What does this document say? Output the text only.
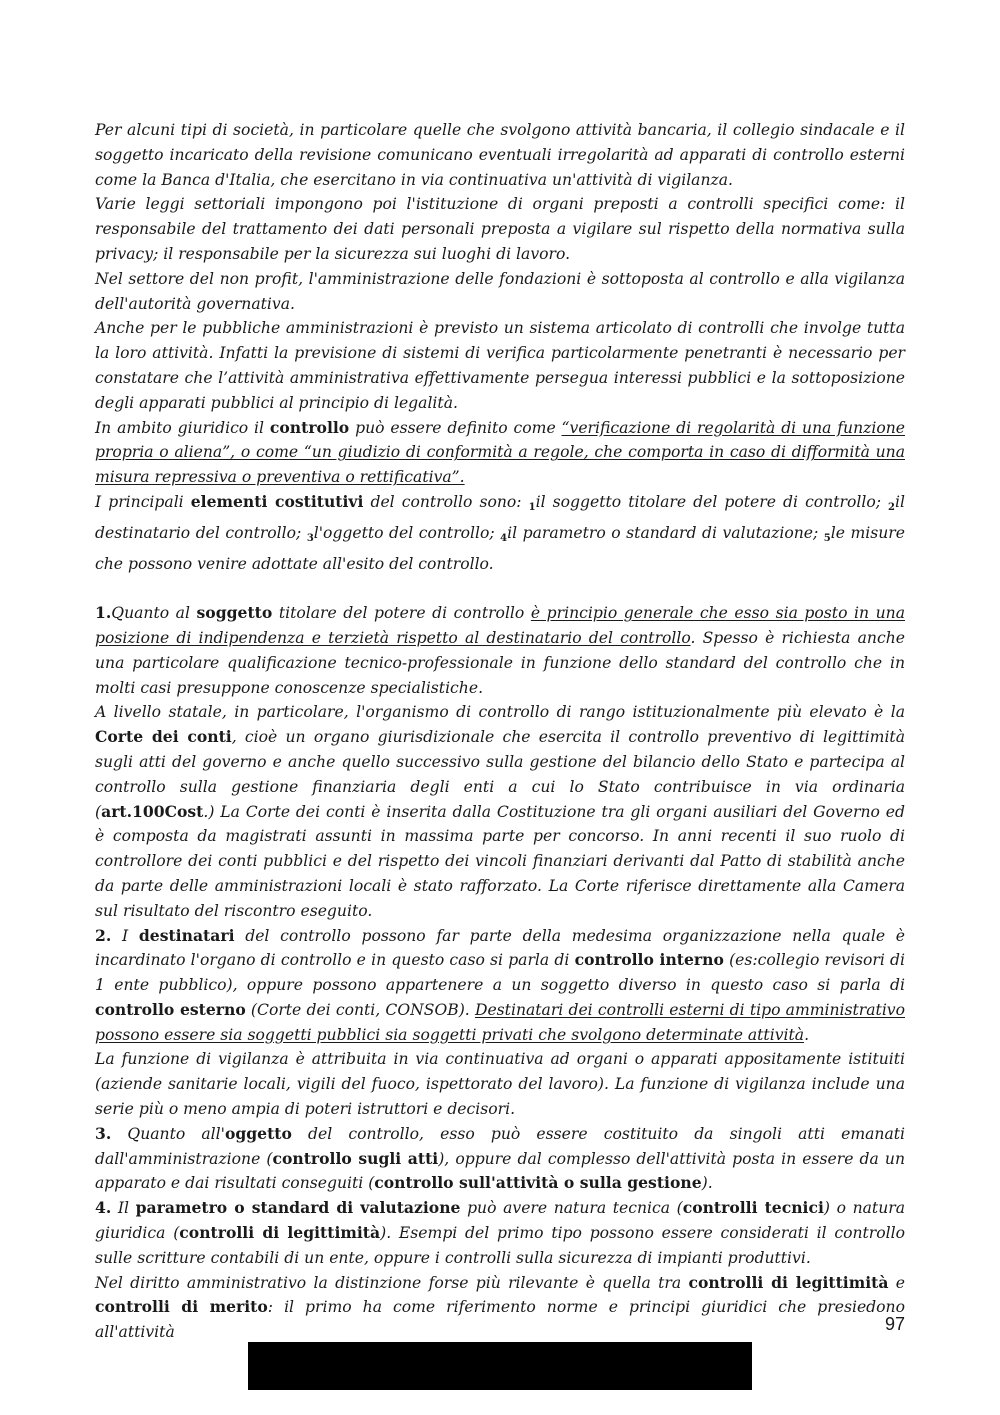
Per alcuni tipi di società, in particolare quelle che svolgono attività bancaria, il collegio sindacale e il soggetto incaricato della revisione comunicano eventuali irregolarità ad apparati di controllo esterni come la Banca d'Italia, che esercitano in via continuativa un'attività di vigilanza.

Varie leggi settoriali impongono poi l'istituzione di organi preposti a controlli specifici come: il responsabile del trattamento dei dati personali preposta a vigilare sul rispetto della normativa sulla privacy; il responsabile per la sicurezza sui luoghi di lavoro.

Nel settore del non profit, l'amministrazione delle fondazioni è sottoposta al controllo e alla vigilanza dell'autorità governativa.

Anche per le pubbliche amministrazioni è previsto un sistema articolato di controlli che involge tutta la loro attività. Infatti la previsione di sistemi di verifica particolarmente penetranti è necessario per constatare che l’attività amministrativa effettivamente persegua interessi pubblici e la sottoposizione degli apparati pubblici al principio di legalità.

In ambito giuridico il controllo può essere definito come “verificazione di regolarità di una funzione propria o aliena”, o come “un giudizio di conformità a regole, che comporta in caso di difformità una misura repressiva o preventiva o rettificativa”.

I principali elementi costitutivi del controllo sono: $_1$il soggetto titolare del potere di controllo; $_2$il destinatario del controllo; $_3$l'oggetto del controllo; $_4$il parametro o standard di valutazione; $_5$le misure che possono venire adottate all'esito del controllo.

1.Quanto al soggetto titolare del potere di controllo è principio generale che esso sia posto in una posizione di indipendenza e terzietà rispetto al destinatario del controllo. Spesso è richiesta anche una particolare qualificazione tecnico-professionale in funzione dello standard del controllo che in molti casi presuppone conoscenze specialistiche.

A livello statale, in particolare, l'organismo di controllo di rango istituzionalmente più elevato è la Corte dei conti, cioè un organo giurisdizionale che esercita il controllo preventivo di legittimità sugli atti del governo e anche quello successivo sulla gestione del bilancio dello Stato e partecipa al controllo sulla gestione finanziaria degli enti a cui lo Stato contribuisce in via ordinaria (art.100Cost.) La Corte dei conti è inserita dalla Costituzione tra gli organi ausiliari del Governo ed è composta da magistrati assunti in massima parte per concorso. In anni recenti il suo ruolo di controllore dei conti pubblici e del rispetto dei vincoli finanziari derivanti dal Patto di stabilità anche da parte delle amministrazioni locali è stato rafforzato. La Corte riferisce direttamente alla Camera sul risultato del riscontro eseguito.

2. I destinatari del controllo possono far parte della medesima organizzazione nella quale è incardinato l'organo di controllo e in questo caso si parla di controllo interno (es:collegio revisori di 1 ente pubblico), oppure possono appartenere a un soggetto diverso in questo caso si parla di controllo esterno (Corte dei conti, CONSOB). Destinatari dei controlli esterni di tipo amministrativo possono essere sia soggetti pubblici sia soggetti privati che svolgono determinate attività.

La funzione di vigilanza è attribuita in via continuativa ad organi o apparati appositamente istituiti (aziende sanitarie locali, vigili del fuoco, ispettorato del lavoro). La funzione di vigilanza include una serie più o meno ampia di poteri istruttori e decisori.

3. Quanto all'oggetto del controllo, esso può essere costituito da singoli atti emanati dall'amministrazione (controllo sugli atti), oppure dal complesso dell'attività posta in essere da un apparato e dai risultati conseguiti (controllo sull'attività o sulla gestione).

4. Il parametro o standard di valutazione può avere natura tecnica (controlli tecnici) o natura giuridica (controlli di legittimità). Esempi del primo tipo possono essere considerati il controllo sulle scritture contabili di un ente, oppure i controlli sulla sicurezza di impianti produttivi.

Nel diritto amministrativo la distinzione forse più rilevante è quella tra controlli di legittimità e controlli di merito: il primo ha come riferimento norme e principi giuridici che presiedono all'attività	97
